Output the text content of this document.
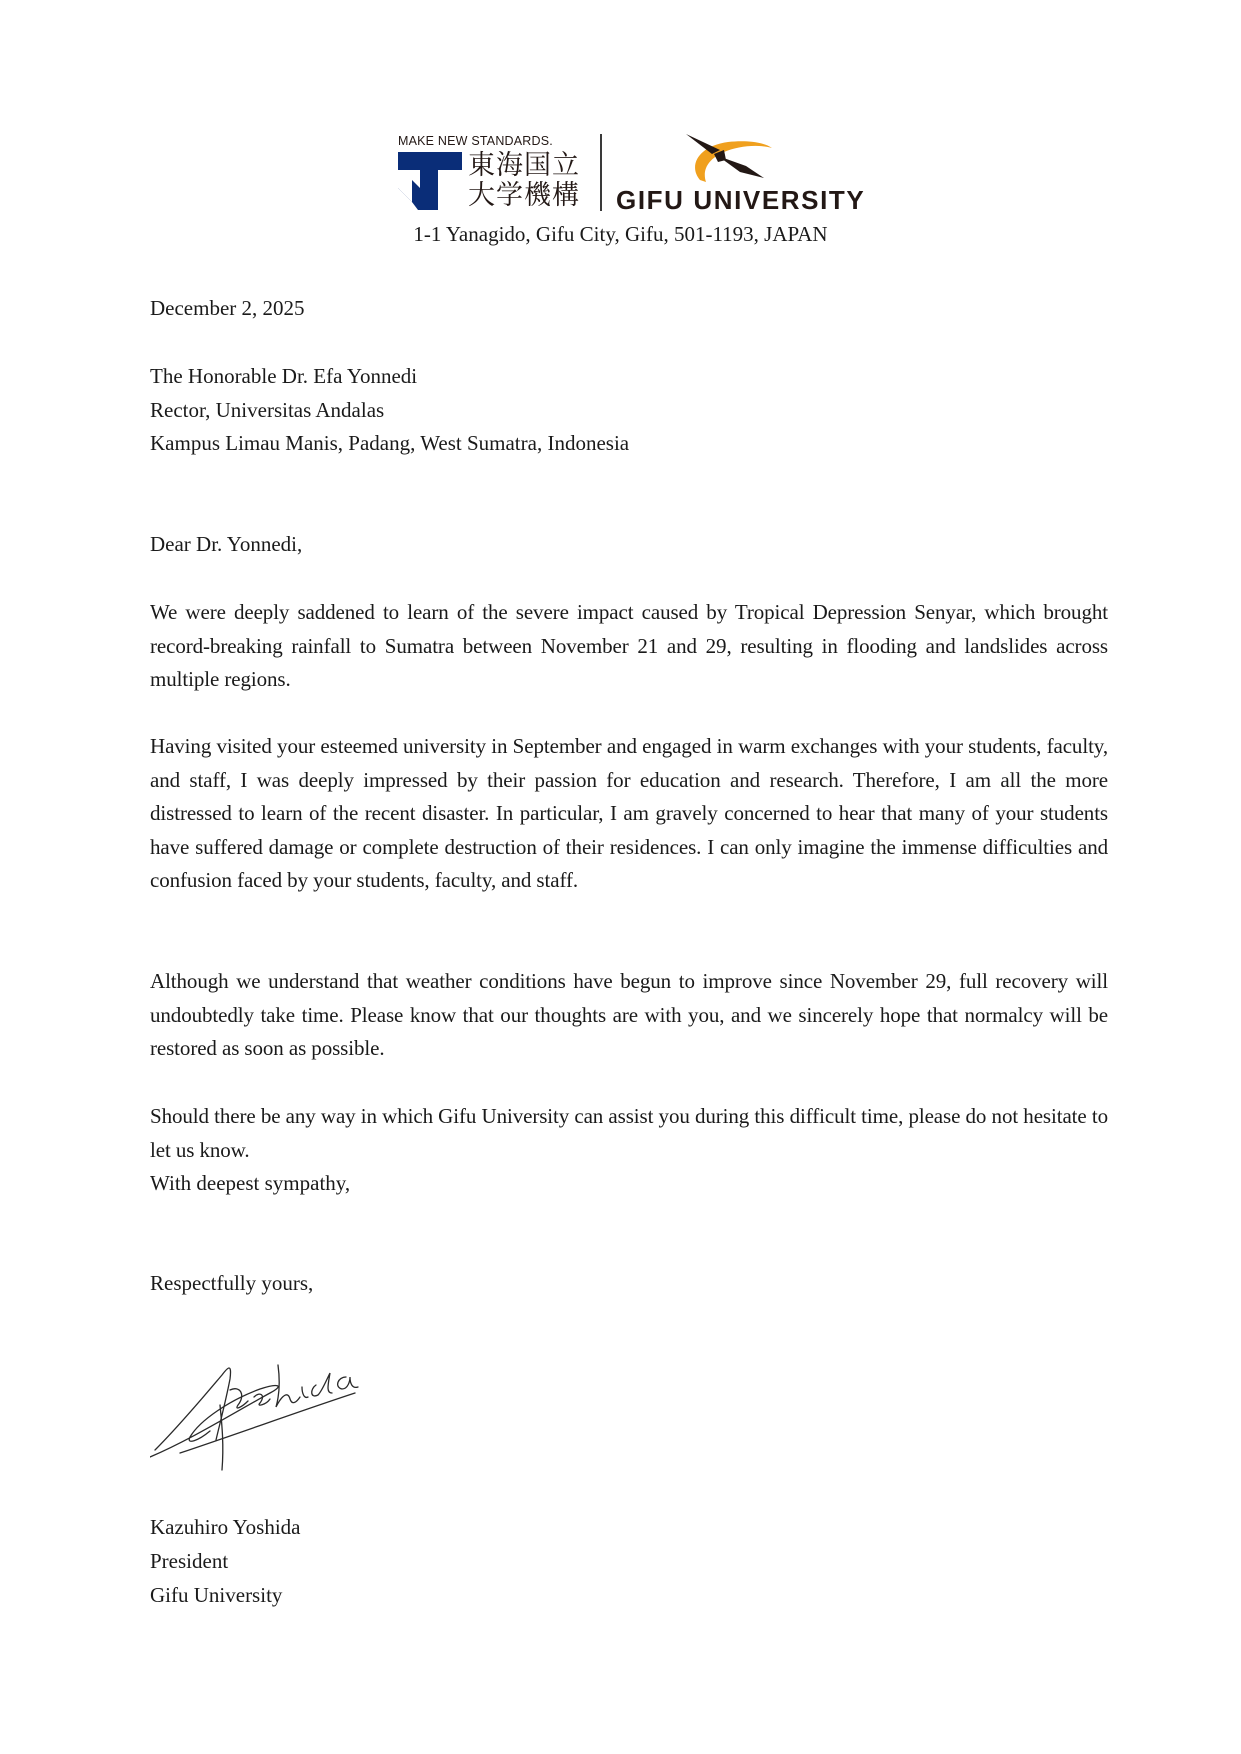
MAKE NEW STANDARDS.
東海国立
大学機構 GIFU UNIVERSITY
1-1 Yanagido, Gifu City, Gifu, 501-1193, JAPAN
December 2, 2025
The Honorable Dr. Efa Yonnedi
Rector, Universitas Andalas
Kampus Limau Manis, Padang, West Sumatra, Indonesia
Dear Dr. Yonnedi,
We were deeply saddened to learn of the severe impact caused by Tropical Depression Senyar, which brought record-breaking rainfall to Sumatra between November 21 and 29, resulting in flooding and landslides across multiple regions.
Having visited your esteemed university in September and engaged in warm exchanges with your students, faculty, and staff, I was deeply impressed by their passion for education and research. Therefore, I am all the more distressed to learn of the recent disaster. In particular, I am gravely concerned to hear that many of your students have suffered damage or complete destruction of their residences. I can only imagine the immense difficulties and confusion faced by your students, faculty, and staff.
Although we understand that weather conditions have begun to improve since November 29, full recovery will undoubtedly take time. Please know that our thoughts are with you, and we sincerely hope that normalcy will be restored as soon as possible.
Should there be any way in which Gifu University can assist you during this difficult time, please do not hesitate to let us know.
With deepest sympathy,
Respectfully yours,
Kazuhiro Yoshida
President
Gifu University
